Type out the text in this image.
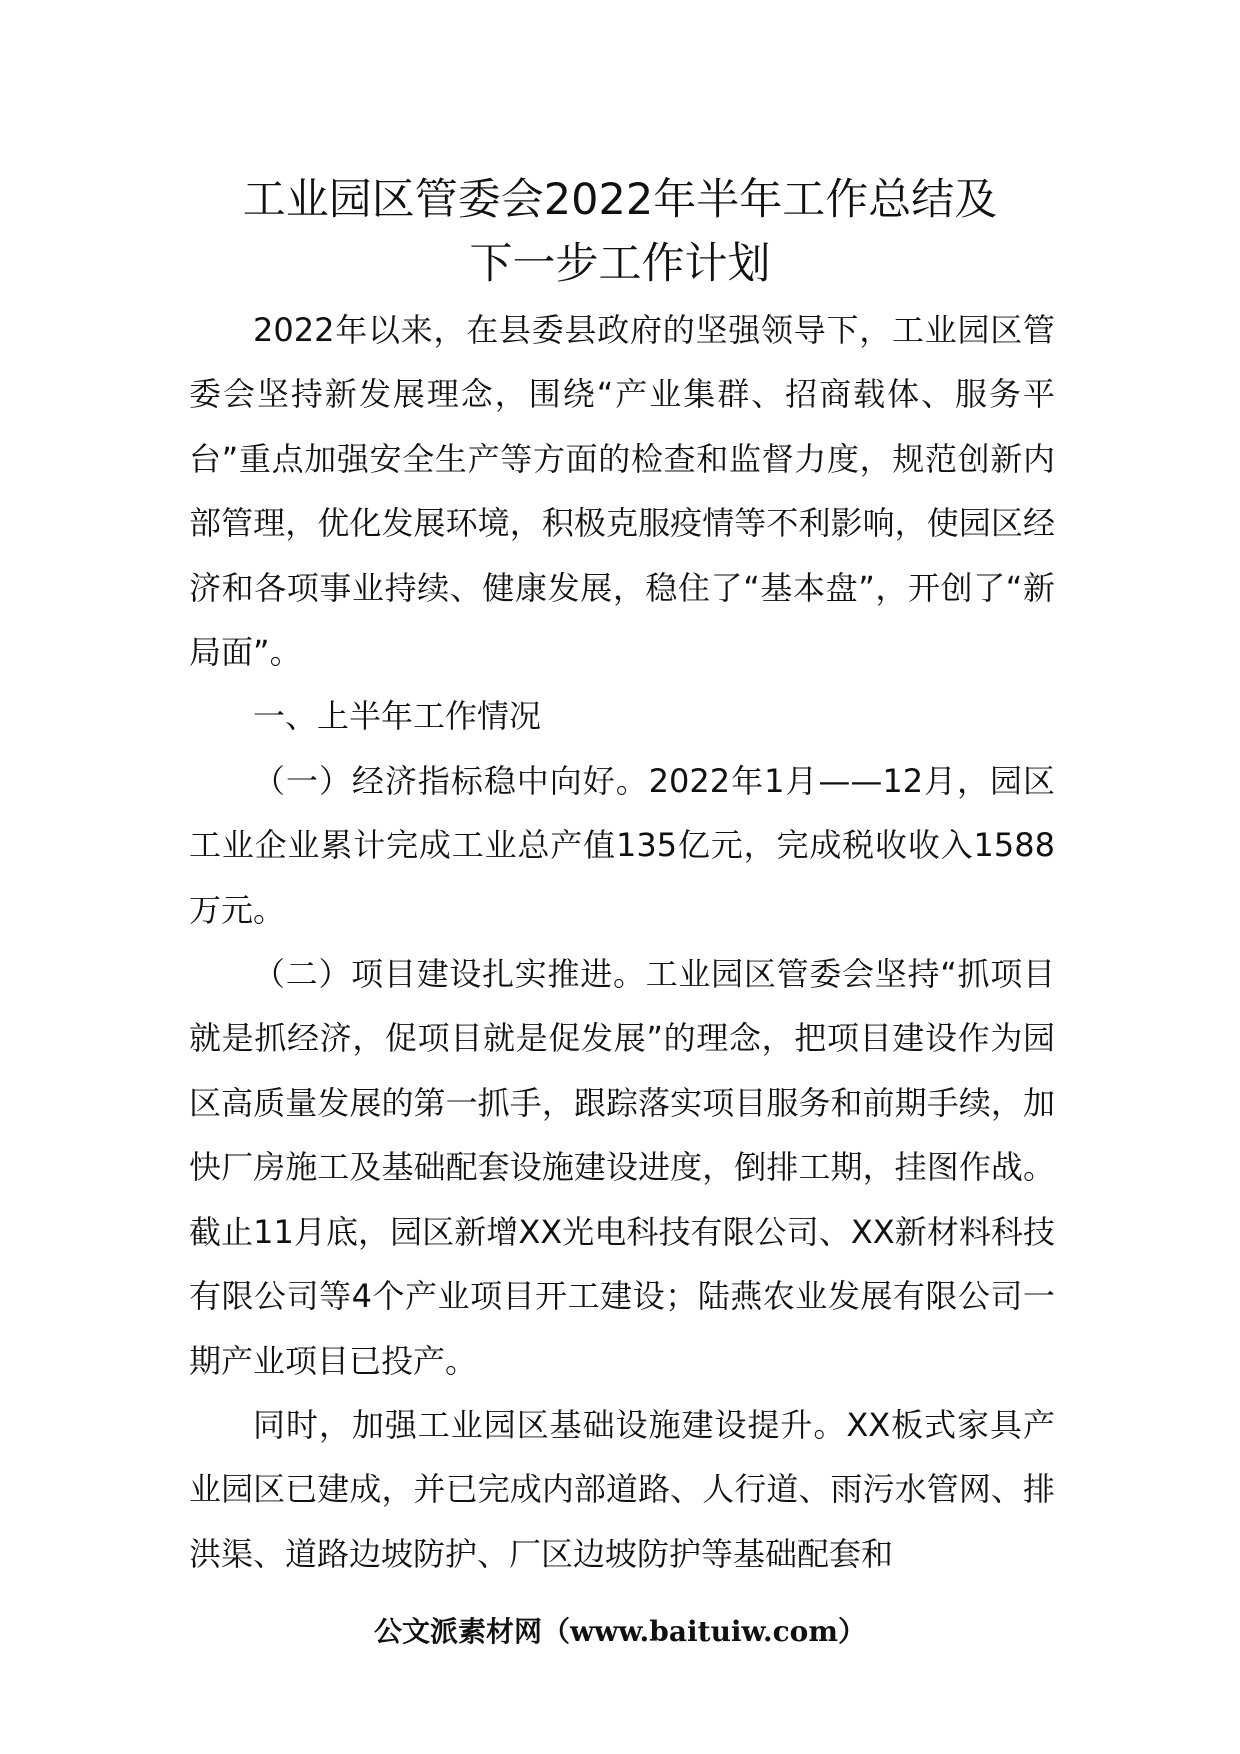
工业园区管委会2022年半年工作总结及
下一步工作计划

2022年以来，在县委县政府的坚强领导下，工业园区管委会坚持新发展理念，围绕“产业集群、招商载体、服务平台”重点加强安全生产等方面的检查和监督力度，规范创新内部管理，优化发展环境，积极克服疫情等不利影响，使园区经济和各项事业持续、健康发展，稳住了“基本盘”，开创了“新局面”。

一、上半年工作情况

（一）经济指标稳中向好。2022年1月——12月，园区工业企业累计完成工业总产值135亿元，完成税收收入1588万元。

（二）项目建设扎实推进。工业园区管委会坚持“抓项目就是抓经济，促项目就是促发展”的理念，把项目建设作为园区高质量发展的第一抓手，跟踪落实项目服务和前期手续，加快厂房施工及基础配套设施建设进度，倒排工期，挂图作战。截止11月底，园区新增XX光电科技有限公司、XX新材料科技有限公司等4个产业项目开工建设；陆燕农业发展有限公司一期产业项目已投产。

同时，加强工业园区基础设施建设提升。XX板式家具产业园区已建成，并已完成内部道路、人行道、雨污水管网、排洪渠、道路边坡防护、厂区边坡防护等基础配套和

公文派素材网（www.baituiw.com）
